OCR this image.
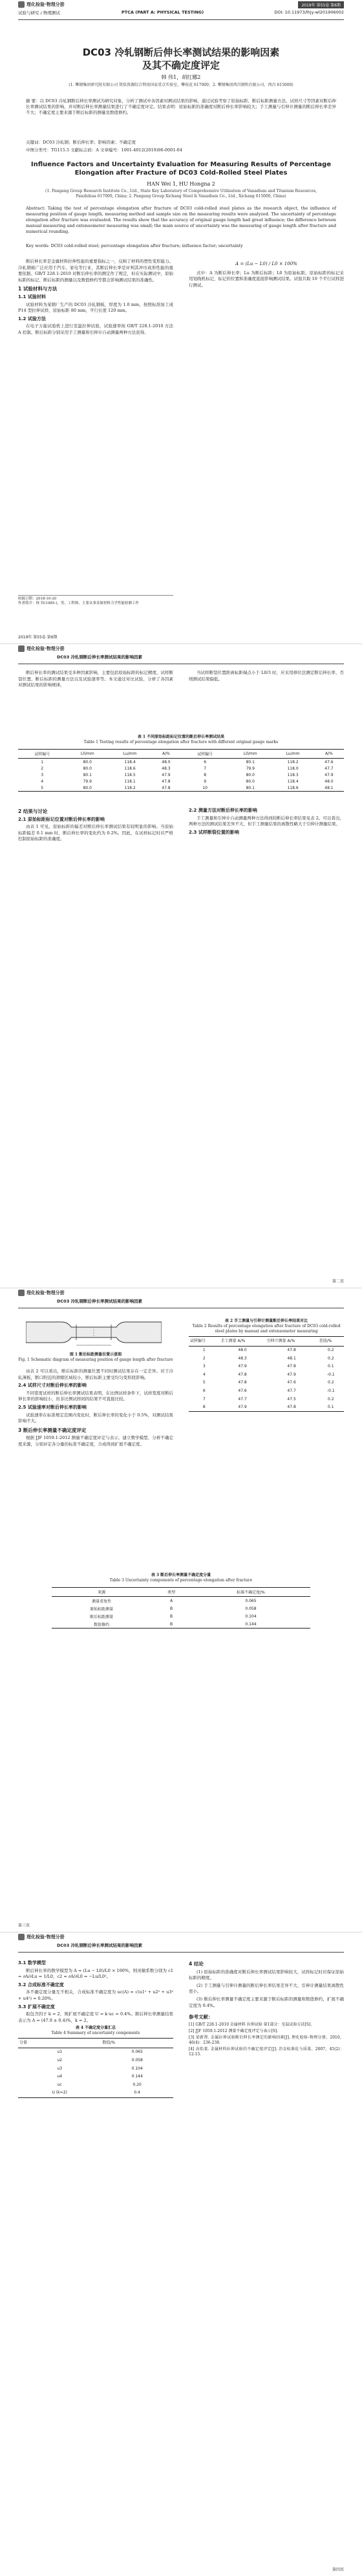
理化检验·物理分册
试验与研究 / 物理测试	PTCA (PART A: PHYSICAL TESTING)	DOI: 10.11973/lhjy-wl201906002
2019年 第55卷 第6期
DC03 冷轧钢断后伸长率测试结果的影响因素
及其不确定度评定
韩 伟1，胡红娜2
(1. 攀钢集团研究院有限公司 钒钛资源综合利用国家重点实验室，攀枝花 617000；2. 攀钢集团西昌钢钒有限公司，西昌 615000)
摘 要：以 DC03 冷轧钢断后伸长率测试为研究对象，分析了测试中各因素对测试结果的影响，通过试验考察了原始标距、断后标距测量方法、试样尺寸等因素对断后伸长率测试结果的影响，并对断后伸长率测量结果进行了不确定度评定。结果表明：原始标距的准确度对断后伸长率影响较大；手工测量与引伸计测量的断后伸长率差异不大；不确定度主要来源于断后标距的测量及数值修约。
关键词：DC03 冷轧钢；断后伸长率；影响因素；不确定度
中图分类号：TG115.5 文献标志码：A 文章编号：1001-4012(2019)06-0001-04
Influence Factors and Uncertainty Evaluation for Measuring Results of Percentage Elongation after Fracture of DC03 Cold-Rolled Steel Plates
HAN Wei 1, HU Hongna 2
(1. Pangang Group Research Institute Co., Ltd., State Key Laboratory of Comprehensive Utilization of Vanadium and Titanium Resources, Panzhihua 617000, China; 2. Pangang Group Xichang Steel & Vanadium Co., Ltd., Xichang 615000, China)
Abstract: Taking the test of percentage elongation after fracture of DC03 cold-rolled steel plates as the research object, the influence of measuring position of gauge length, measuring method and sample size on the measuring results were analyzed. The uncertainty of percentage elongation after fracture was evaluated. The results show that the accuracy of original gauge length had great influence; the difference between manual measuring and extensometer measuring was small; the main source of uncertainty was the measuring of gauge length after fracture and numerical rounding.
Key words: DC03 cold-rolled steel; percentage elongation after fracture; influence factor; uncertainty

断后伸长率是金属材料拉伸性能的重要指标之一，反映了材料的塑性变形能力。冷轧钢板广泛应用于汽车、家电等行业，其断后伸长率是评判其冲压成形性能的重要依据。GB/T 228.1-2010 对断后伸长率的测定作了规定，但在实际测试中，原始标距的标记、断后标距的测量以及数值修约等都会影响测试结果的准确性。

1 试验材料与方法
1.1 试验材料

试验材料为某钢厂生产的 DC03 冷轧钢板，厚度为 1.0 mm，按照标准加工成 P14 型拉伸试样，原始标距 80 mm，平行长度 120 mm。

1.2 试验方法

在电子万能试验机上进行室温拉伸试验，试验速率按 GB/T 228.1-2010 方法 A 控制。断后标距分别采用手工测量和引伸计自动测量两种方法获得。

A = (Lu − L0) / L0 × 100%

式中：A 为断后伸长率；Lu 为断后标距；L0 为原始标距。原始标距的标记采用划线机标记，标记的位置和准确度直接影响测试结果。试验共取 10 个平行试样进行测试。

收稿日期：2018-10-20
作者简介：韩 伟(1985-)，男，工程师，主要从事金属材料力学性能检测工作
2019年 第55卷 第6期
理化检验·物理分册
DC03 冷轧钢断后伸长率测试结果的影响因素

断后伸长率的测试结果受多种因素影响，主要包括原始标距的标记精度、试样断裂位置、断后标距的测量方法以及试验速率等。本文通过对比试验，分析了各因素对测试结果的影响规律。

当试样断裂位置距离标距端点小于 L0/3 时，应采用移位法测定断后伸长率，否则测试结果偏低。

表 1 不同原始标距标记位置的断后伸长率测试结果
Table 1 Testing results of percentage elongation after fracture with different original gauge marks
试样编号	L0/mm	Lu/mm	A/%	试样编号	L0/mm	Lu/mm	A/%
1	80.0	118.4	48.0	6	80.1	118.2	47.6
2	80.0	118.6	48.3	7	79.9	118.0	47.7
3	80.1	118.5	47.9	8	80.0	118.3	47.9
4	79.9	118.1	47.8	9	80.0	118.4	48.0
5	80.0	118.2	47.8	10	80.1	118.6	48.1
2 结果与讨论
2.1 原始标距标记位置对断后伸长率的影响

由表 1 可见，原始标距的偏差对断后伸长率测试结果有较明显的影响。当原始标距偏差 0.1 mm 时，断后伸长率的变化约为 0.2%。因此，在试样标记时应严格控制原始标距的准确度。

2.2 测量方法对断后伸长率的影响

手工测量和引伸计自动测量两种方法得到的断后伸长率结果见表 2。可以看出，两种方法的测试结果差异不大，但手工测量结果的离散性略大于引伸计测量结果。

2.3 试样断裂位置的影响
第二页
理化检验·物理分册
DC03 冷轧钢断后伸长率测试结果的影响因素
图 1 断后标距测量位置示意图
Fig. 1 Schematic diagram of measuring position of gauge length after fracture

由表 2 可以看出，断后标距的测量位置不同时测试结果存在一定差异。对于冷轧薄板，断口附近的颈缩区域较小，断后标距主要受均匀变形段影响。

2.4 试样尺寸对断后伸长率的影响

不同宽度试样的断后伸长率测试结果表明，在比例试样条件下，试样宽度对断后伸长率的影响较小，但非比例试样间的结果不可直接比较。

2.5 试验速率对断后伸长率的影响

试验速率在标准规定范围内变化时，断后伸长率的变化小于 0.5%，对测试结果影响不大。

3 断后伸长率测量不确定度评定

根据 JJF 1059.1-2012 测量不确定度评定与表示，建立数学模型，分析不确定度来源，分别评定各分量的标准不确定度，合成得到扩展不确定度。

表 2 手工测量与引伸计测量断后伸长率结果对比
Table 2 Results of percentage elongation after fracture of DC03 cold-rolled steel plates by manual and extensometer measuring
试样编号	手工测量 A/%	引伸计测量 A/%	差值/%
1	48.0	47.8	0.2
2	48.3	48.1	0.2
3	47.9	47.8	0.1
4	47.8	47.9	-0.1
5	47.8	47.6	0.2
6	47.6	47.7	-0.1
7	47.7	47.5	0.2
8	47.9	47.8	0.1
表 3 断后伸长率测量不确定度分量
Table 3 Uncertainty components of percentage elongation after fracture
来源	类型	标准不确定度/%
测量重复性	A	0.065
原始标距测量	B	0.058
断后标距测量	B	0.104
数值修约	B	0.144
第三页
理化检验·物理分册
DC03 冷轧钢断后伸长率测试结果的影响因素
3.1 数学模型

断后伸长率的数学模型为 A = (Lu − L0)/L0 × 100%，则灵敏系数分别为 c1 = ∂A/∂Lu = 1/L0，c2 = ∂A/∂L0 = −Lu/L0²。

3.2 合成标准不确定度

各不确定度分量互不相关，合成标准不确定度为 uc(A) = √(u1² + u2² + u3² + u4²) = 0.20%。

3.3 扩展不确定度

取包含因子 k = 2，则扩展不确定度 U = k·uc = 0.4%。断后伸长率测量结果表示为 A = (47.9 ± 0.4)%，k = 2。

表 4 不确定度分量汇总
Table 4 Summary of uncertainty components
分量	数值/%
u1	0.065
u2	0.058
u3	0.104
u4	0.144
uc	0.20
U (k=2)	0.4
4 结论

(1) 原始标距的准确度对断后伸长率测试结果影响较大，试样标记时应保证原始标距的精度。

(2) 手工测量与引伸计测量的断后伸长率结果差异不大，引伸计测量结果离散性更小。

(3) 断后伸长率测量不确定度主要来源于断后标距的测量和数值修约，扩展不确定度为 0.4%。

参考文献：

[1] GB/T 228.1-2010 金属材料 拉伸试验 第1部分：室温试验方法[S].

[2] JJF 1059.1-2012 测量不确定度评定与表示[S].

[3] 梁新帮. 金属拉伸试验断后伸长率测定的影响因素[J]. 理化检验-物理分册，2010，46(4)：236-238.

[4] 高怡斐. 金属材料拉伸试验的不确定度评定[J]. 冶金标准化与质量，2007，45(2)：12-15.

第四页
